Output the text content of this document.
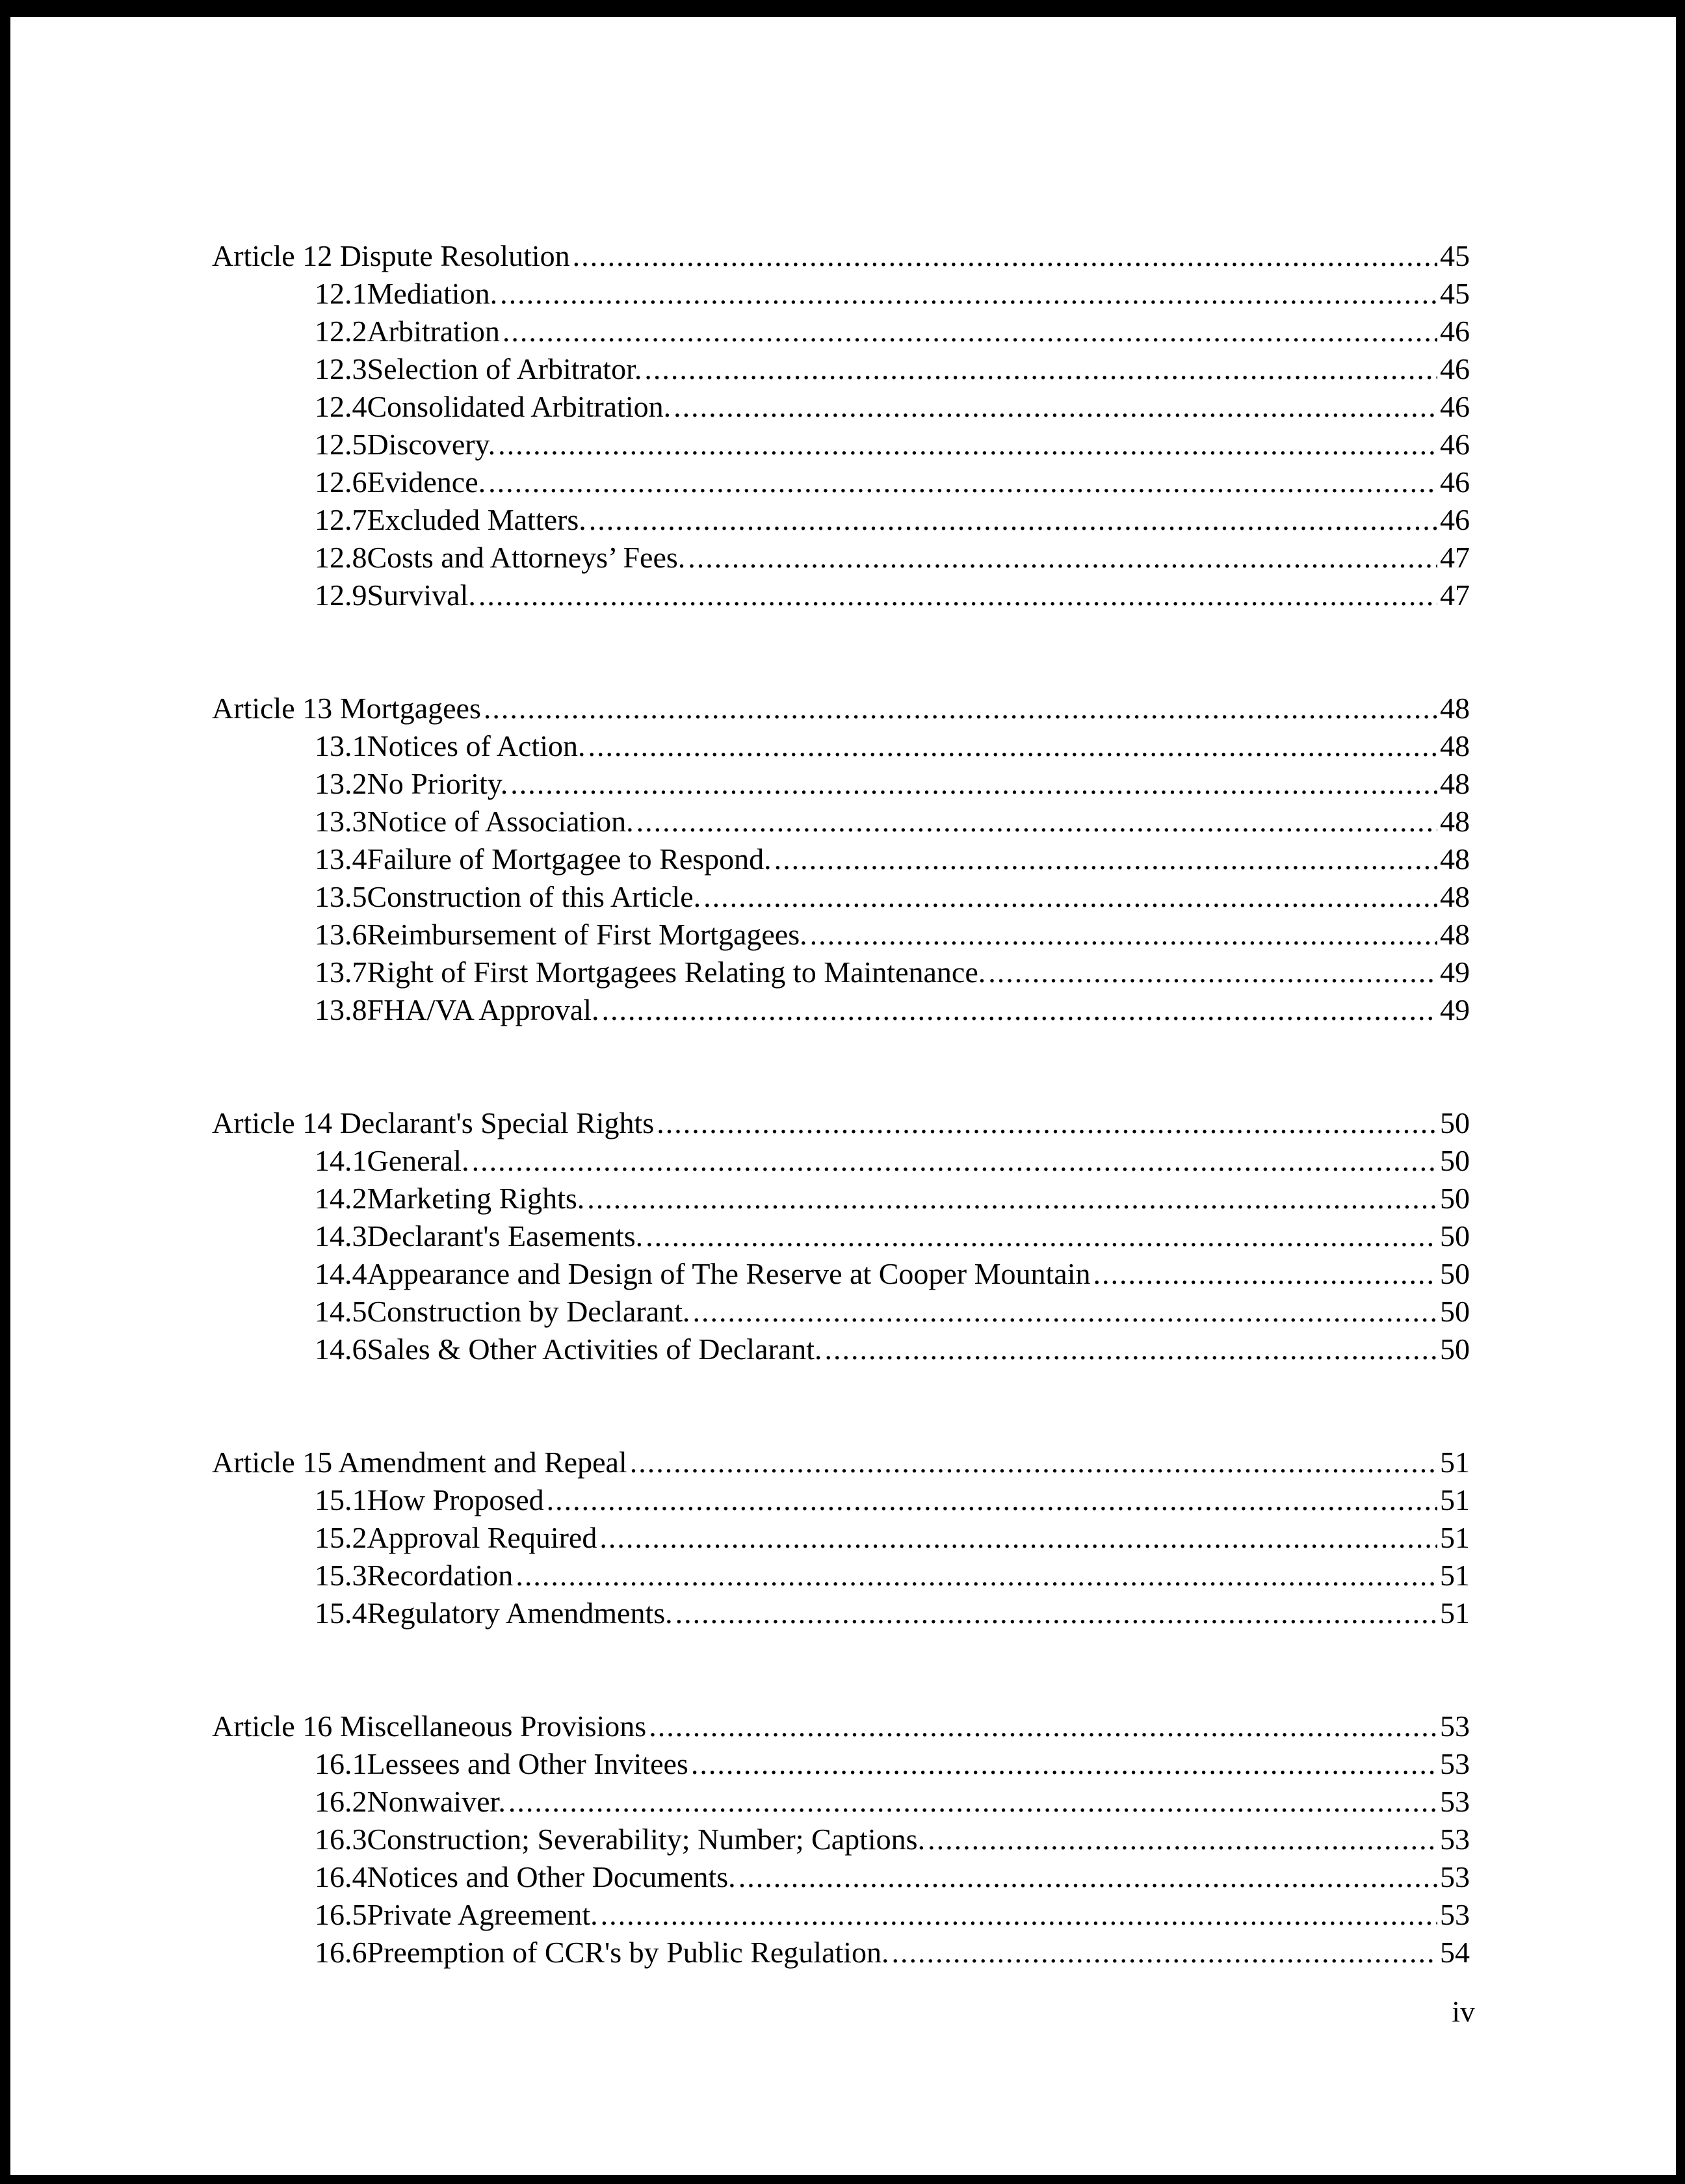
Article 12 Dispute Resolution .....	45
12.1 Mediation. .....	45
12.2 Arbitration .....	46
12.3 Selection of Arbitrator. .....	46
12.4 Consolidated Arbitration. .....	46
12.5 Discovery. .....	46
12.6 Evidence. .....	46
12.7 Excluded Matters. .....	46
12.8 Costs and Attorneys’ Fees. .....	47
12.9 Survival. .....	47
Article 13 Mortgagees .....	48
13.1 Notices of Action. .....	48
13.2 No Priority. .....	48
13.3 Notice of Association. .....	48
13.4 Failure of Mortgagee to Respond. .....	48
13.5 Construction of this Article. .....	48
13.6 Reimbursement of First Mortgagees. .....	48
13.7 Right of First Mortgagees Relating to Maintenance. .....	49
13.8 FHA/VA Approval. .....	49
Article 14 Declarant's Special Rights .....	50
14.1 General. .....	50
14.2 Marketing Rights. .....	50
14.3 Declarant's Easements. .....	50
14.4 Appearance and Design of The Reserve at Cooper Mountain .....	50
14.5 Construction by Declarant. .....	50
14.6 Sales & Other Activities of Declarant. .....	50
Article 15 Amendment and Repeal .....	51
15.1 How Proposed .....	51
15.2 Approval Required .....	51
15.3 Recordation .....	51
15.4 Regulatory Amendments. .....	51
Article 16 Miscellaneous Provisions .....	53
16.1 Lessees and Other Invitees .....	53
16.2 Nonwaiver. .....	53
16.3 Construction; Severability; Number; Captions. .....	53
16.4 Notices and Other Documents. .....	53
16.5 Private Agreement. .....	53
16.6 Preemption of CCR's by Public Regulation. .....	54
iv
